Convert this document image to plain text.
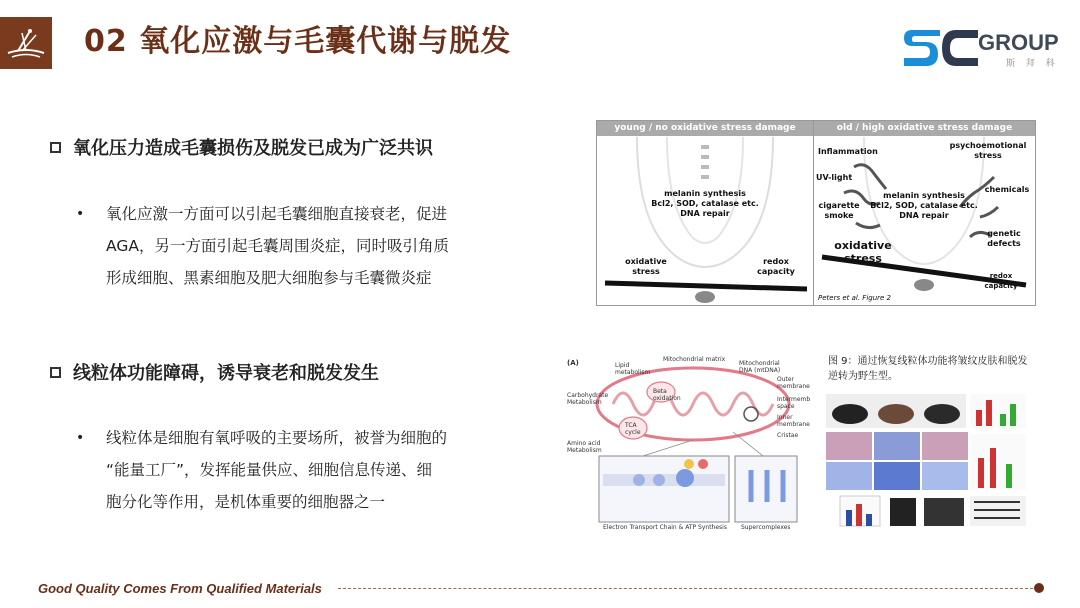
02 氧化应激与毛囊代谢与脱发	GROUP
斯 拜 科
氧化压力造成毛囊损伤及脱发已成为广泛共识
• 氧化应激一方面可以引起毛囊细胞直接衰老，促进
AGA，另一方面引起毛囊周围炎症，同时吸引角质
形成细胞、黑素细胞及肥大细胞参与毛囊微炎症
线粒体功能障碍，诱导衰老和脱发发生
• 线粒体是细胞有氧呼吸的主要场所，被誉为细胞的
“能量工厂”，发挥能量供应、细胞信息传递、细
胞分化等作用，是机体重要的细胞器之一
young / no oxidative stress damage
melanin synthesis
Bcl2, SOD, catalase etc.
DNA repair
oxidative
stress
redox
capacity
old / high oxidative stress damage
melanin synthesis
Bcl2, SOD, catalase etc.
DNA repair
Inflammation
psychoemotional
stress
UV-light
chemicals
cigarette
smoke
genetic
defects
oxidative
stress
redox
capacity
Peters et al. Figure 2
(A)	Lipid
metabolism
Mitochondrial matrix
Mitochondrial
DNA (mtDNA)
Outer
membrane
Carbohydrate
Metabolism
Beta
oxidation	Intermemb
space
Inner
membrane
TCA
cycle	Cristae
Amino acid
Metabolism
Electron Transport Chain & ATP Synthesis Supercomplexes
图 9：通过恢复线粒体功能将皱纹皮肤和脱发
逆转为野生型。
Good Quality Comes From Qualified Materials
